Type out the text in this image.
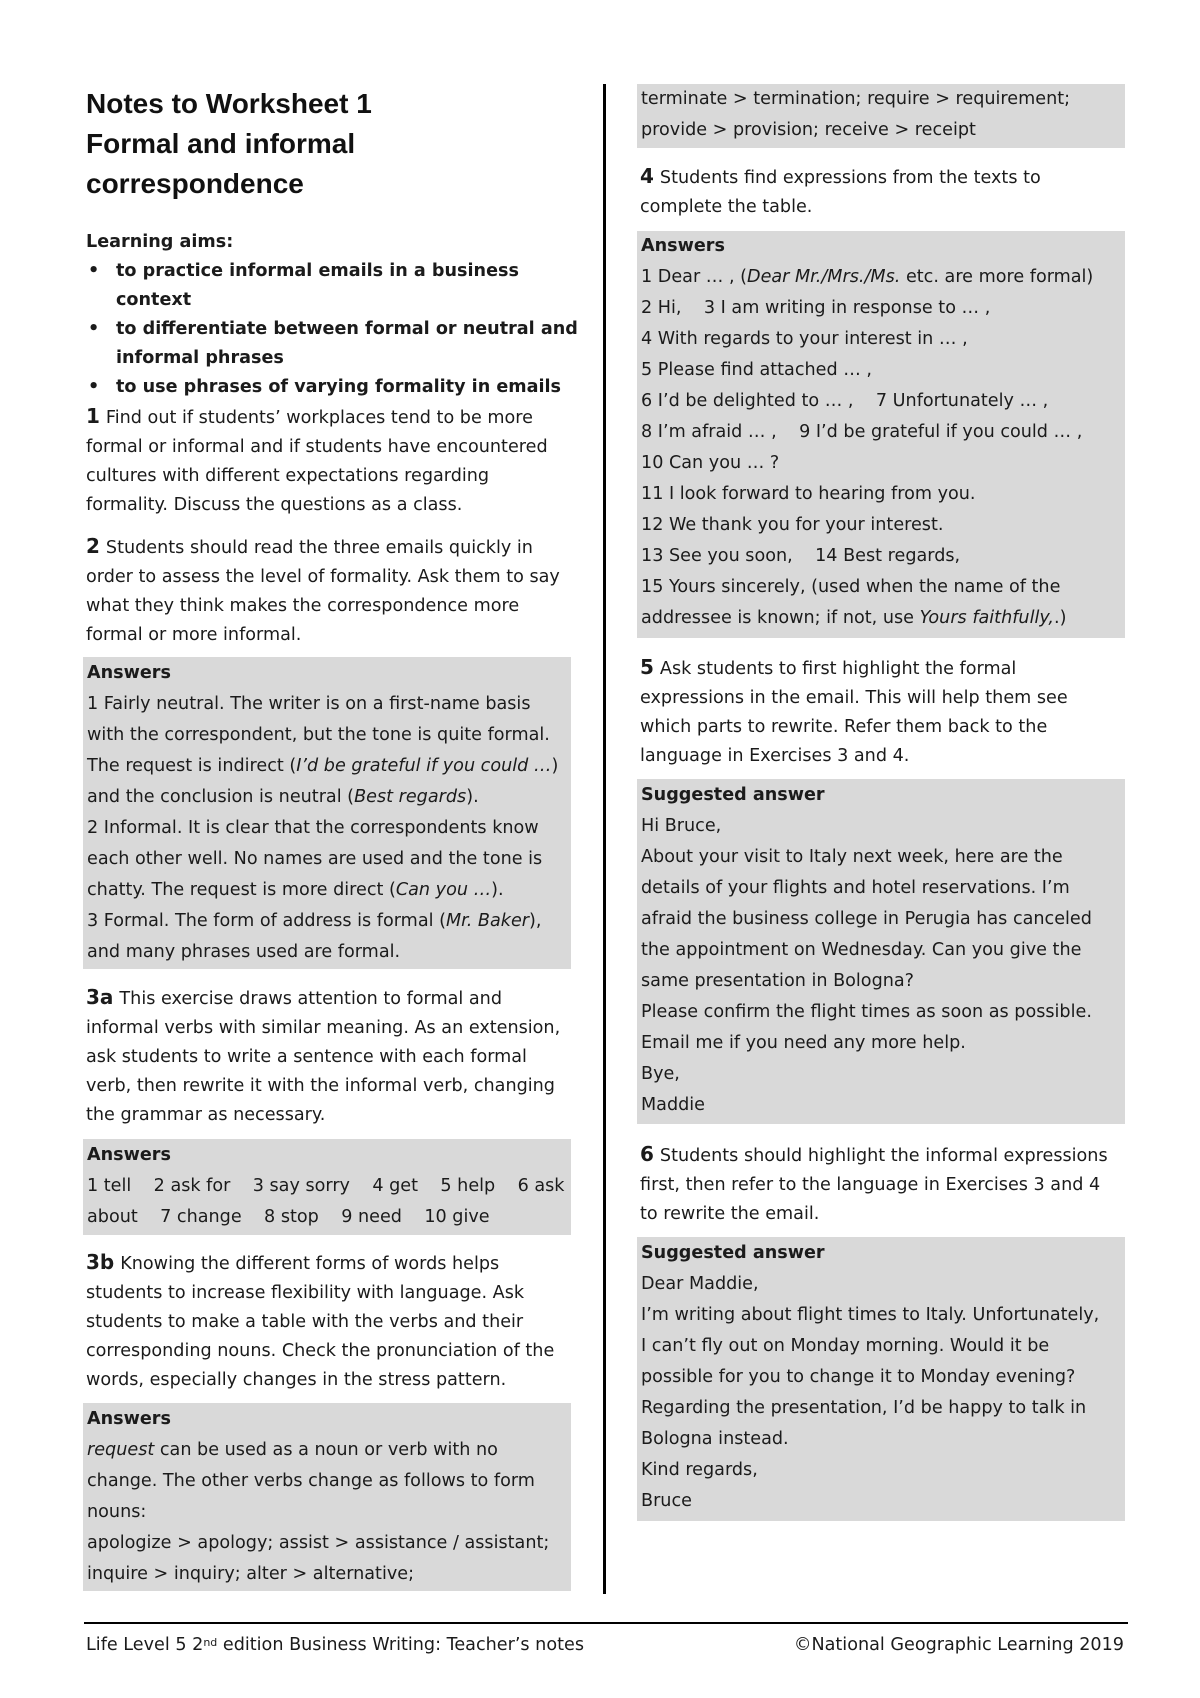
Notes to Worksheet 1
Formal and informal
correspondence
Learning aims:
• to practice informal emails in a business context
• to differentiate between formal or neutral and informal phrases
• to use phrases of varying formality in emails
1 Find out if students’ workplaces tend to be more formal or informal and if students have encountered cultures with different expectations regarding formality. Discuss the questions as a class.
2 Students should read the three emails quickly in order to assess the level of formality. Ask them to say what they think makes the correspondence more formal or more informal.
Answers
1 Fairly neutral. The writer is on a first-name basis
with the correspondent, but the tone is quite formal.
The request is indirect (I’d be grateful if you could …)
and the conclusion is neutral (Best regards).
2 Informal. It is clear that the correspondents know
each other well. No names are used and the tone is
chatty. The request is more direct (Can you …).
3 Formal. The form of address is formal (Mr. Baker),
and many phrases used are formal.
3a This exercise draws attention to formal and informal verbs with similar meaning. As an extension, ask students to write a sentence with each formal verb, then rewrite it with the informal verb, changing the grammar as necessary.
Answers
1 tell    2 ask for    3 say sorry    4 get    5 help    6 ask
about    7 change    8 stop    9 need    10 give
3b Knowing the different forms of words helps students to increase flexibility with language. Ask students to make a table with the verbs and their corresponding nouns. Check the pronunciation of the words, especially changes in the stress pattern.
Answers
request can be used as a noun or verb with no
change. The other verbs change as follows to form
nouns:
apologize > apology; assist > assistance / assistant;
inquire > inquiry; alter > alternative;
terminate > termination; require > requirement;
provide > provision; receive > receipt
4 Students find expressions from the texts to complete the table.
Answers
1 Dear … , (Dear Mr./Mrs./Ms. etc. are more formal)
2 Hi,    3 I am writing in response to … ,
4 With regards to your interest in … ,
5 Please find attached … ,
6 I’d be delighted to … ,    7 Unfortunately … ,
8 I’m afraid … ,    9 I’d be grateful if you could … ,
10 Can you … ?
11 I look forward to hearing from you.
12 We thank you for your interest.
13 See you soon,    14 Best regards,
15 Yours sincerely, (used when the name of the
addressee is known; if not, use Yours faithfully,.)
5 Ask students to first highlight the formal expressions in the email. This will help them see which parts to rewrite. Refer them back to the language in Exercises 3 and 4.
Suggested answer
Hi Bruce,
About your visit to Italy next week, here are the
details of your flights and hotel reservations. I’m
afraid the business college in Perugia has canceled
the appointment on Wednesday. Can you give the
same presentation in Bologna?
Please confirm the flight times as soon as possible.
Email me if you need any more help.
Bye,
Maddie
6 Students should highlight the informal expressions first, then refer to the language in Exercises 3 and 4 to rewrite the email.
Suggested answer
Dear Maddie,
I’m writing about flight times to Italy. Unfortunately,
I can’t fly out on Monday morning. Would it be
possible for you to change it to Monday evening?
Regarding the presentation, I’d be happy to talk in
Bologna instead.
Kind regards,
Bruce
Life Level 5 2nd edition Business Writing: Teacher’s notes	©National Geographic Learning 2019
